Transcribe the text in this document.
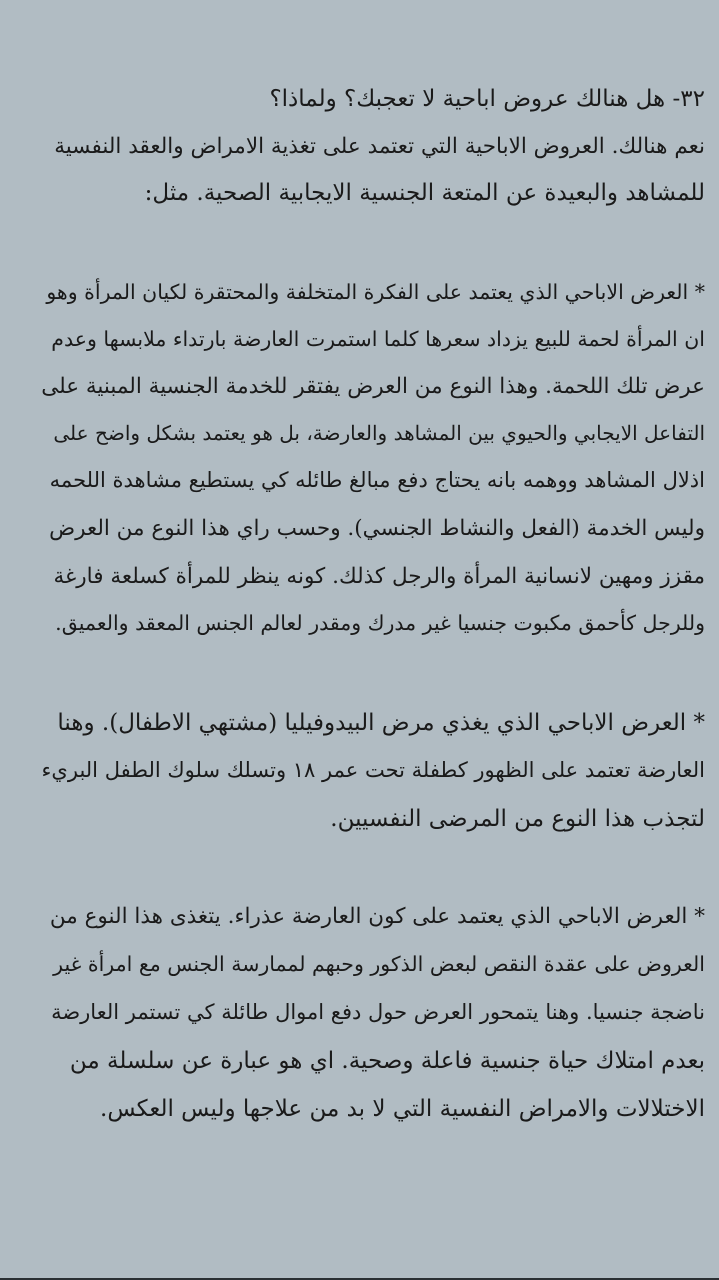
٣٢- هل هنالك عروض اباحية لا تعجبك؟ ولماذا؟
نعم هنالك. العروض الاباحية التي تعتمد على تغذية الامراض والعقد النفسية
للمشاهد والبعيدة عن المتعة الجنسية الايجابية الصحية. مثل:
* العرض الاباحي الذي يعتمد على الفكرة المتخلفة والمحتقرة لكيان المرأة وهو
ان المرأة لحمة للبيع يزداد سعرها كلما استمرت العارضة بارتداء ملابسها وعدم
عرض تلك اللحمة. وهذا النوع من العرض يفتقر للخدمة الجنسية المبنية على
التفاعل الايجابي والحيوي بين المشاهد والعارضة، بل هو يعتمد بشكل واضح على
اذلال المشاهد ووهمه بانه يحتاج دفع مبالغ طائله كي يستطيع مشاهدة اللحمه
وليس الخدمة (الفعل والنشاط الجنسي). وحسب راي هذا النوع من العرض
مقزز ومهين لانسانية المرأة والرجل كذلك. كونه ينظر للمرأة كسلعة فارغة
وللرجل كأحمق مكبوت جنسيا غير مدرك ومقدر لعالم الجنس المعقد والعميق.
* العرض الاباحي الذي يغذي مرض البيدوفيليا (مشتهي الاطفال). وهنا
العارضة تعتمد على الظهور كطفلة تحت عمر ١٨ وتسلك سلوك الطفل البريء
لتجذب هذا النوع من المرضى النفسيين.
* العرض الاباحي الذي يعتمد على كون العارضة عذراء. يتغذى هذا النوع من
العروض على عقدة النقص لبعض الذكور وحبهم لممارسة الجنس مع امرأة غير
ناضجة جنسيا. وهنا يتمحور العرض حول دفع اموال طائلة كي تستمر العارضة
بعدم امتلاك حياة جنسية فاعلة وصحية. اي هو عبارة عن سلسلة من
الاختلالات والامراض النفسية التي لا بد من علاجها وليس العكس.
